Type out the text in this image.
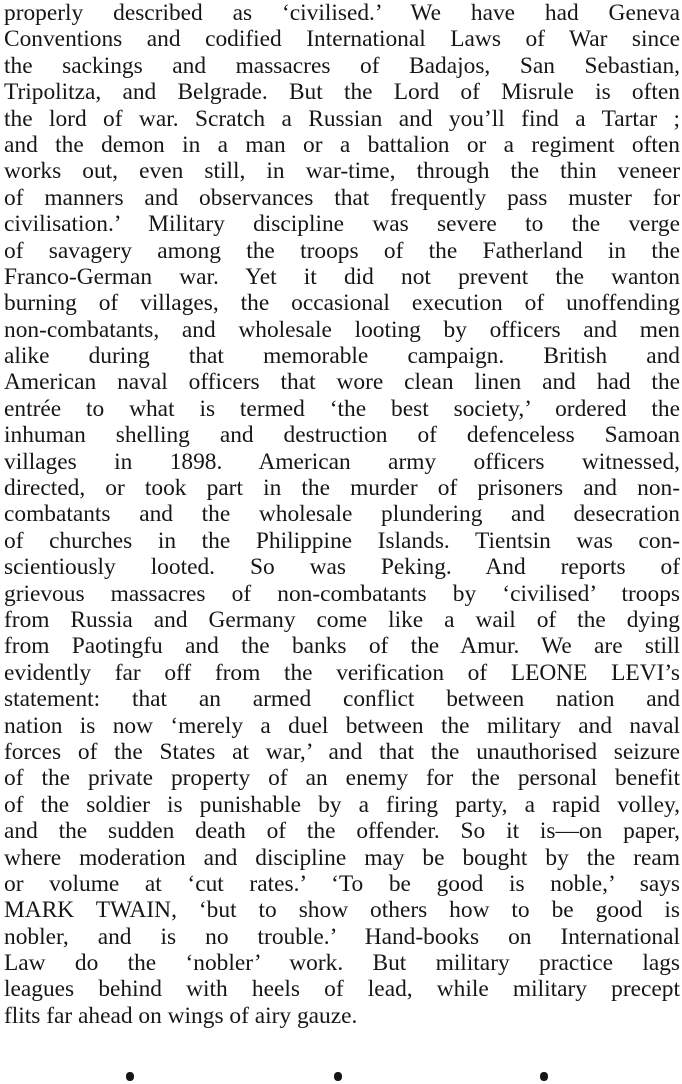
properly described as ‘civilised.’ We have had Geneva
Conventions and codified International Laws of War since
the sackings and massacres of Badajos, San Sebastian,
Tripolitza, and Belgrade. But the Lord of Misrule is often
the lord of war. Scratch a Russian and you’ll find a Tartar ;
and the demon in a man or a battalion or a regiment often
works out, even still, in war-time, through the thin veneer
of manners and observances that frequently pass muster for
civilisation.’ Military discipline was severe to the verge
of savagery among the troops of the Fatherland in the
Franco-German war. Yet it did not prevent the wanton
burning of villages, the occasional execution of unoffending
non-combatants, and wholesale looting by officers and men
alike during that memorable campaign. British and
American naval officers that wore clean linen and had the
entrée to what is termed ‘the best society,’ ordered the
inhuman shelling and destruction of defenceless Samoan
villages in 1898. American army officers witnessed,
directed, or took part in the murder of prisoners and non-
combatants and the wholesale plundering and desecration
of churches in the Philippine Islands. Tientsin was con-
scientiously looted. So was Peking. And reports of
grievous massacres of non-combatants by ‘civilised’ troops
from Russia and Germany come like a wail of the dying
from Paotingfu and the banks of the Amur. We are still
evidently far off from the verification of LEONE LEVI’s
statement: that an armed conflict between nation and
nation is now ‘merely a duel between the military and naval
forces of the States at war,’ and that the unauthorised seizure
of the private property of an enemy for the personal benefit
of the soldier is punishable by a firing party, a rapid volley,
and the sudden death of the offender. So it is—on paper,
where moderation and discipline may be bought by the ream
or volume at ‘cut rates.’ ‘To be good is noble,’ says
MARK TWAIN, ‘but to show others how to be good is
nobler, and is no trouble.’ Hand-books on International
Law do the ‘nobler’ work. But military practice lags
leagues behind with heels of lead, while military precept
flits far ahead on wings of airy gauze.
